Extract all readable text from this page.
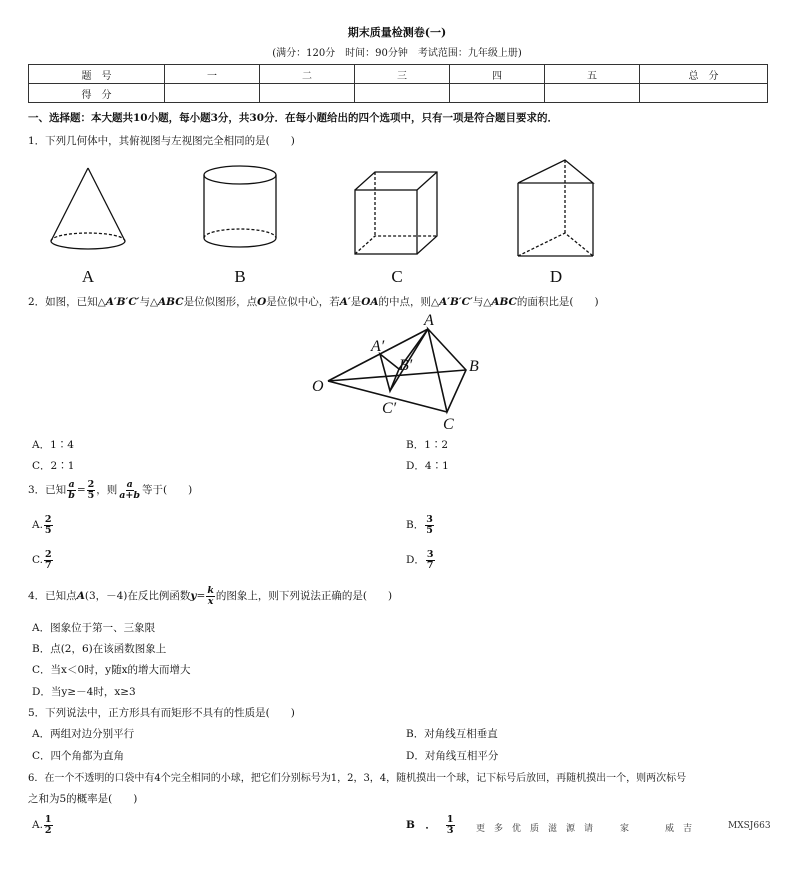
期末质量检测卷(一)
(满分：120分　时间：90分钟　考试范围：九年级上册)
题　号	一	二	三	四	五	总　分
得　分						
一、选择题：本大题共10小题，每小题3分，共30分．在每小题给出的四个选项中，只有一项是符合题目要求的．
1．下列几何体中，其俯视图与左视图完全相同的是(　　)
A	B	C	D
2．如图，已知△A′B′C′与△ABC是位似图形，点O是位似中心，若A′是OA的中点，则△A′B′C′与△ABC的面积比是(　　)
A
A′
B
B′
C
C′
O
A．1∶4	B．1∶2
C．2∶1	D．4∶1
3．已知 $\frac{a}{b} = \frac{2}{5}$ ，则 $\frac{a}{a+b}$ 等于(　　)
A. $\frac{2}{5}$	B． $\frac{3}{5}$
C. $\frac{2}{7}$	D． $\frac{3}{7}$
4．已知点A(3，－4)在反比例函数$y= \frac{k}{x}$ 的图象上，则下列说法正确的是(　　)
A．图象位于第一、三象限
B．点(2，6)在该函数图象上
C．当x＜0时，y随x的增大而增大
D．当y≥－4时，x≥3
5．下列说法中，正方形具有而矩形不具有的性质是(　　)
A．两组对边分别平行	B．对角线互相垂直
C．四个角都为直角	D．对角线互相平分
6．在一个不透明的口袋中有4个完全相同的小球，把它们分别标号为1，2，3，4，随机摸出一个球，记下标号后放回，再随机摸出一个，则两次标号
之和为5的概率是(　　)
A. $\frac{1}{2}$	B　． $\frac{1}{3}$ 更　多　优　质　滋　源　请　　　家　　　　威　吉	MXSJ663
